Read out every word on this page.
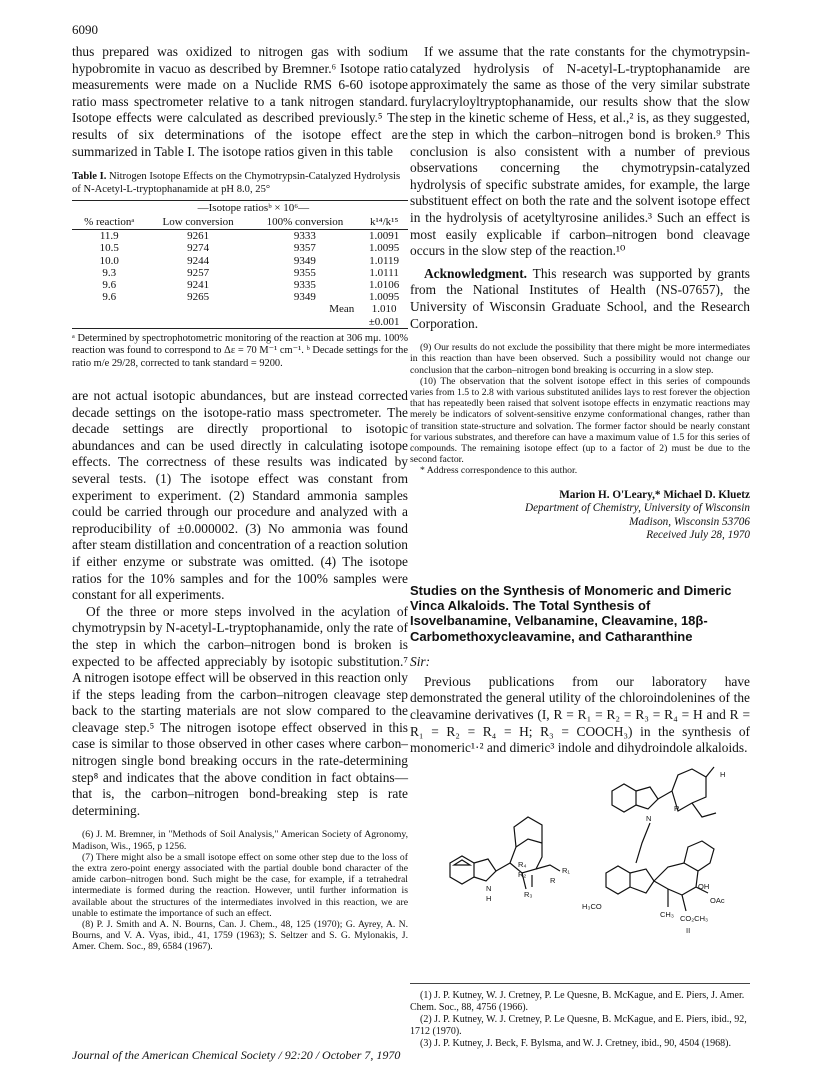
6090

thus prepared was oxidized to nitrogen gas with sodium hypobromite in vacuo as described by Bremner.⁶ Isotope ratio measurements were made on a Nuclide RMS 6-60 isotope ratio mass spectrometer relative to a tank nitrogen standard. Isotope effects were calculated as described previously.⁵ The results of six determinations of the isotope effect are summarized in Table I. The isotope ratios given in this table

Table I. Nitrogen Isotope Effects on the Chymotrypsin-Catalyzed Hydrolysis of N-Acetyl-L-tryptophanamide at pH 8.0, 25°
	—Isotope ratiosᵇ × 10⁶—		
% reactionᵃ	Low conversion	100% conversion	k¹⁴/k¹⁵
11.9	9261	9333	1.0091
10.5	9274	9357	1.0095
10.0	9244	9349	1.0119
9.3	9257	9355	1.0111
9.6	9241	9335	1.0106
9.6	9265	9349	1.0095
Mean			1.010
			±0.001
ᵃ Determined by spectrophotometric monitoring of the reaction at 306 mμ. 100% reaction was found to correspond to Δε = 70 M⁻¹ cm⁻¹. ᵇ Decade settings for the ratio m/e 29/28, corrected to tank standard = 9200.

are not actual isotopic abundances, but are instead corrected decade settings on the isotope-ratio mass spectrometer. The decade settings are directly proportional to isotopic abundances and can be used directly in calculating isotope effects. The correctness of these results was indicated by several tests. (1) The isotope effect was constant from experiment to experiment. (2) Standard ammonia samples could be carried through our procedure and analyzed with a reproducibility of ±0.000002. (3) No ammonia was found after steam distillation and concentration of a reaction solution if either enzyme or substrate was omitted. (4) The isotope ratios for the 10% samples and for the 100% samples were constant for all experiments.

Of the three or more steps involved in the acylation of chymotrypsin by N-acetyl-L-tryptophanamide, only the rate of the step in which the carbon–nitrogen bond is broken is expected to be affected appreciably by isotopic substitution.⁷ A nitrogen isotope effect will be observed in this reaction only if the steps leading from the carbon–nitrogen cleavage step back to the starting materials are not slow compared to the cleavage step.⁵ The nitrogen isotope effect observed in this case is similar to those observed in other cases where carbon–nitrogen single bond breaking occurs in the rate-determining step⁸ and indicates that the above condition in fact obtains—that is, the carbon–nitrogen bond-breaking step is rate determining.

(6) J. M. Bremner, in "Methods of Soil Analysis," American Society of Agronomy, Madison, Wis., 1965, p 1256.
(7) There might also be a small isotope effect on some other step due to the loss of the extra zero-point energy associated with the partial double bond character of the amide carbon–nitrogen bond. Such might be the case, for example, if a tetrahedral intermediate is formed during the reaction. However, until further information is available about the structures of the intermediates involved in this reaction, we are unable to estimate the importance of such an effect.
(8) P. J. Smith and A. N. Bourns, Can. J. Chem., 48, 125 (1970); G. Ayrey, A. N. Bourns, and V. A. Vyas, ibid., 41, 1759 (1963); S. Seltzer and S. G. Mylonakis, J. Amer. Chem. Soc., 89, 6584 (1967).

If we assume that the rate constants for the chymotrypsin-catalyzed hydrolysis of N-acetyl-L-tryptophanamide are approximately the same as those of the very similar substrate furylacryloyltryptophanamide, our results show that the slow step in the kinetic scheme of Hess, et al.,² is, as they suggested, the step in which the carbon–nitrogen bond is broken.⁹ This conclusion is also consistent with a number of previous observations concerning the chymotrypsin-catalyzed hydrolysis of specific substrate amides, for example, the large substituent effect on both the rate and the solvent isotope effect in the hydrolysis of acetyltyrosine anilides.³ Such an effect is most easily explicable if carbon–nitrogen bond cleavage occurs in the slow step of the reaction.¹⁰

Acknowledgment. This research was supported by grants from the National Institutes of Health (NS-07657), the University of Wisconsin Graduate School, and the Research Corporation.

(9) Our results do not exclude the possibility that there might be more intermediates in this reaction than have been observed. Such a possibility would not change our conclusion that the carbon–nitrogen bond breaking is occurring in a slow step.
(10) The observation that the solvent isotope effect in this series of compounds varies from 1.5 to 2.8 with various substituted anilides lays to rest forever the objection that has repeatedly been raised that solvent isotope effects in enzymatic reactions may merely be indicators of solvent-sensitive enzyme conformational changes, rather than of transition state-structure and solvation. The former factor should be nearly constant for various substrates, and therefore can have a maximum value of 1.5 for this series of compounds. The remaining isotope effect (up to a factor of 2) must be due to the second factor.
* Address correspondence to this author.
Marion H. O'Leary,* Michael D. Kluetz
Department of Chemistry, University of Wisconsin
Madison, Wisconsin 53706
Received July 28, 1970
Studies on the Synthesis of Monomeric and Dimeric Vinca Alkaloids. The Total Synthesis of Isovelbanamine, Velbanamine, Cleavamine, 18β-Carbomethoxycleavamine, and Catharanthine
Sir:

Previous publications from our laboratory have demonstrated the general utility of the chloroindolenines of the cleavamine derivatives (I, R = R₁ = R₂ = R₃ = R₄ = H and R = R₁ = R₂ = R₄ = H; R₃ = COOCH₃) in the synthesis of monomeric¹·² and dimeric³ indole and dihydroindole alkaloids.

N
H
R₄
R₂	R₁
R
R₃
N
R
H
OH
OAc
H₃CO
CH₃ CO₂CH₃
II
(1) J. P. Kutney, W. J. Cretney, P. Le Quesne, B. McKague, and E. Piers, J. Amer. Chem. Soc., 88, 4756 (1966).
(2) J. P. Kutney, W. J. Cretney, P. Le Quesne, B. McKague, and E. Piers, ibid., 92, 1712 (1970).
(3) J. P. Kutney, J. Beck, F. Bylsma, and W. J. Cretney, ibid., 90, 4504 (1968).
Journal of the American Chemical Society / 92:20 / October 7, 1970
